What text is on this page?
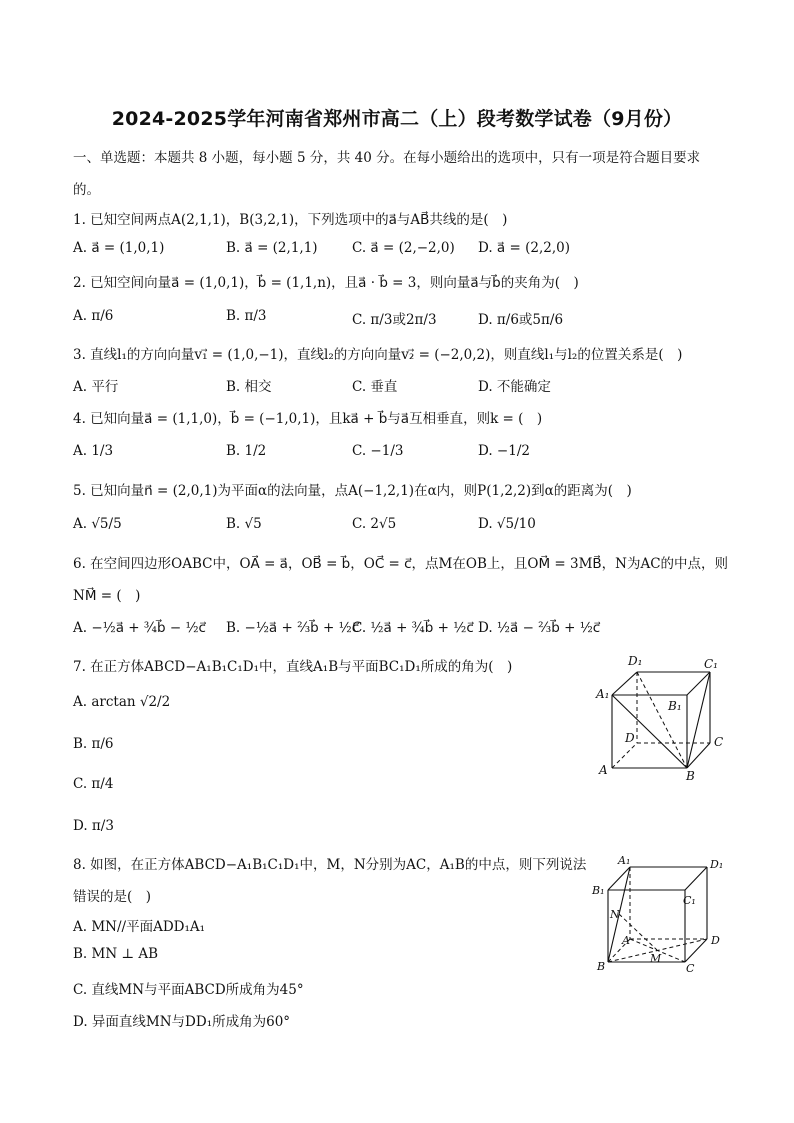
2024-2025学年河南省郑州市高二（上）段考数学试卷（9月份）
一、单选题：本题共 8 小题，每小题 5 分，共 40 分。在每小题给出的选项中，只有一项是符合题目要求
的。
1. 已知空间两点A(2,1,1)，B(3,2,1)，下列选项中的a⃗与AB⃗共线的是(　)
A. a⃗ = (1,0,1)	B. a⃗ = (2,1,1)	C. a⃗ = (2,−2,0) D. a⃗ = (2,2,0)
2. 已知空间向量a⃗ = (1,0,1)，b⃗ = (1,1,n)，且a⃗ · b⃗ = 3，则向量a⃗与b⃗的夹角为(　)
A. π/6	B. π/3	C. π/3或2π/3	D. π/6或5π/6
3. 直线l₁的方向向量v₁⃗ = (1,0,−1)，直线l₂的方向向量v₂⃗ = (−2,0,2)，则直线l₁与l₂的位置关系是(　)
A. 平行	B. 相交	C. 垂直	D. 不能确定
4. 已知向量a⃗ = (1,1,0)，b⃗ = (−1,0,1)，且ka⃗ + b⃗与a⃗互相垂直，则k = (　)
A. 1/3	B. 1/2	C. −1/3	D. −1/2
5. 已知向量n⃗ = (2,0,1)为平面α的法向量，点A(−1,2,1)在α内，则P(1,2,2)到α的距离为(　)
A. √5/5	B. √5	C. 2√5	D. √5/10
6. 在空间四边形OABC中，OA⃗ = a⃗，OB⃗ = b⃗，OC⃗ = c⃗，点M在OB上，且OM⃗ = 3MB⃗，N为AC的中点，则
NM⃗ = (　)
A. −½a⃗ + ¾b⃗ − ½c⃗ B. −½a⃗ + ⅔b⃗ + ½c⃗
C. ½a⃗ + ¾b⃗ + ½c⃗ D. ½a⃗ − ⅔b⃗ + ½c⃗
7. 在正方体ABCD−A₁B₁C₁D₁中，直线A₁B与平面BC₁D₁所成的角为(　)
A. arctan √2/2
B. π/6
C. π/4
D. π/3
D₁	C₁
A₁
B₁
D	C
A	B
8. 如图，在正方体ABCD−A₁B₁C₁D₁中，M，N分别为AC，A₁B的中点，则下列说法
错误的是(　)
A. MN//平面ADD₁A₁
B. MN ⊥ AB
C. 直线MN与平面ABCD所成角为45°
D. 异面直线MN与DD₁所成角为60°
A₁	D₁
B₁
C₁
N
A	D
M
B	C
